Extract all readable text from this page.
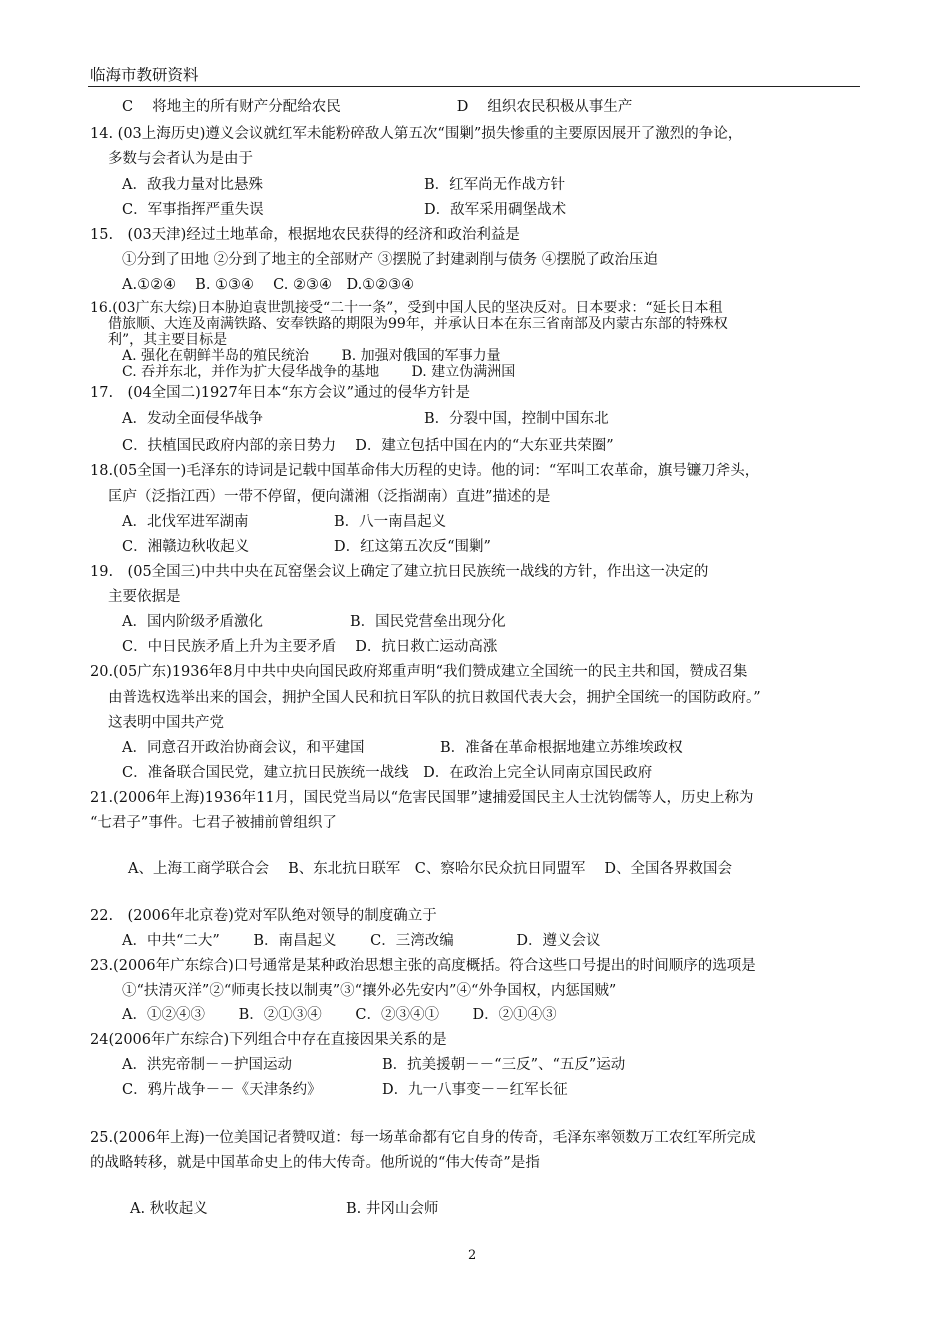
临海市教研资料
C　 将地主的所有财产分配给农民　　　　　　　　D　 组织农民积极从事生产
14. (03上海历史)遵义会议就红军未能粉碎敌人第五次“围剿”损失惨重的主要原因展开了激烈的争论，
多数与会者认为是由于
A．敌我力量对比悬殊	B．红军尚无作战方针
C．军事指挥严重失误	D．敌军采用碉堡战术
15.　(03天津)经过土地革命，根据地农民获得的经济和政治利益是
①分到了田地 ②分到了地主的全部财产 ③摆脱了封建剥削与债务 ④摆脱了政治压迫
A.①②④　 B. ①③④　 C. ②③④　D.①②③④
16.(03广东大综)日本胁迫袁世凯接受“二十一条”，受到中国人民的坚决反对。日本要求：“延长日本租
借旅顺、大连及南满铁路、安奉铁路的期限为99年，并承认日本在东三省南部及内蒙古东部的特殊权
利”，其主要目标是
A. 强化在朝鲜半岛的殖民统治　　 B. 加强对俄国的军事力量
C. 吞并东北，并作为扩大侵华战争的基地　　 D. 建立伪满洲国
17.　(04全国二)1927年日本“东方会议”通过的侵华方针是
A．发动全面侵华战争	B．分裂中国，控制中国东北
C．扶植国民政府内部的亲日势力　 D．建立包括中国在内的“大东亚共荣圈”
18.(05全国一)毛泽东的诗词是记载中国革命伟大历程的史诗。他的词：“军叫工农革命，旗号镰刀斧头，
匡庐（泛指江西）一带不停留，便向潇湘（泛指湖南）直进”描述的是
A．北伐军进军湖南	B．八一南昌起义
C．湘赣边秋收起义	D．红这第五次反“围剿”
19.　(05全国三)中共中央在瓦窑堡会议上确定了建立抗日民族统一战线的方针，作出这一决定的
主要依据是
A．国内阶级矛盾激化	B．国民党营垒出现分化
C．中日民族矛盾上升为主要矛盾　 D．抗日救亡运动高涨
20.(05广东)1936年8月中共中央向国民政府郑重声明“我们赞成建立全国统一的民主共和国，赞成召集
由普选权选举出来的国会，拥护全国人民和抗日军队的抗日救国代表大会，拥护全国统一的国防政府。”
这表明中国共产党
A．同意召开政治协商会议，和平建国	B．准备在革命根据地建立苏维埃政权
C．准备联合国民党，建立抗日民族统一战线　D．在政治上完全认同南京国民政府
21.(2006年上海)1936年11月，国民党当局以“危害民国罪”逮捕爱国民主人士沈钧儒等人，历史上称为
“七君子”事件。七君子被捕前曾组织了
A、上海工商学联合会　 B、东北抗日联军　C、察哈尔民众抗日同盟军　 D、全国各界救国会
22.　(2006年北京卷)党对军队绝对领导的制度确立于
A．中共“二大”　　 B．南昌起义　　 C．三湾改编　　　　 D．遵义会议
23.(2006年广东综合)口号通常是某种政治思想主张的高度概括。符合这些口号提出的时间顺序的选项是
①“扶清灭洋”②“师夷长技以制夷”③“攘外必先安内”④“外争国权，内惩国贼”
A．①②④③　　 B．②①③④　　 C．②③④①　　 D．②①④③
24(2006年广东综合)下列组合中存在直接因果关系的是
A．洪宪帝制－－护国运动	B．抗美援朝－－“三反”、“五反”运动
C．鸦片战争－－《天津条约》	D．九一八事变－－红军长征
25.(2006年上海)一位美国记者赞叹道：每一场革命都有它自身的传奇，毛泽东率领数万工农红军所完成
的战略转移，就是中国革命史上的伟大传奇。他所说的“伟大传奇”是指
A. 秋收起义	B. 井冈山会师
2
